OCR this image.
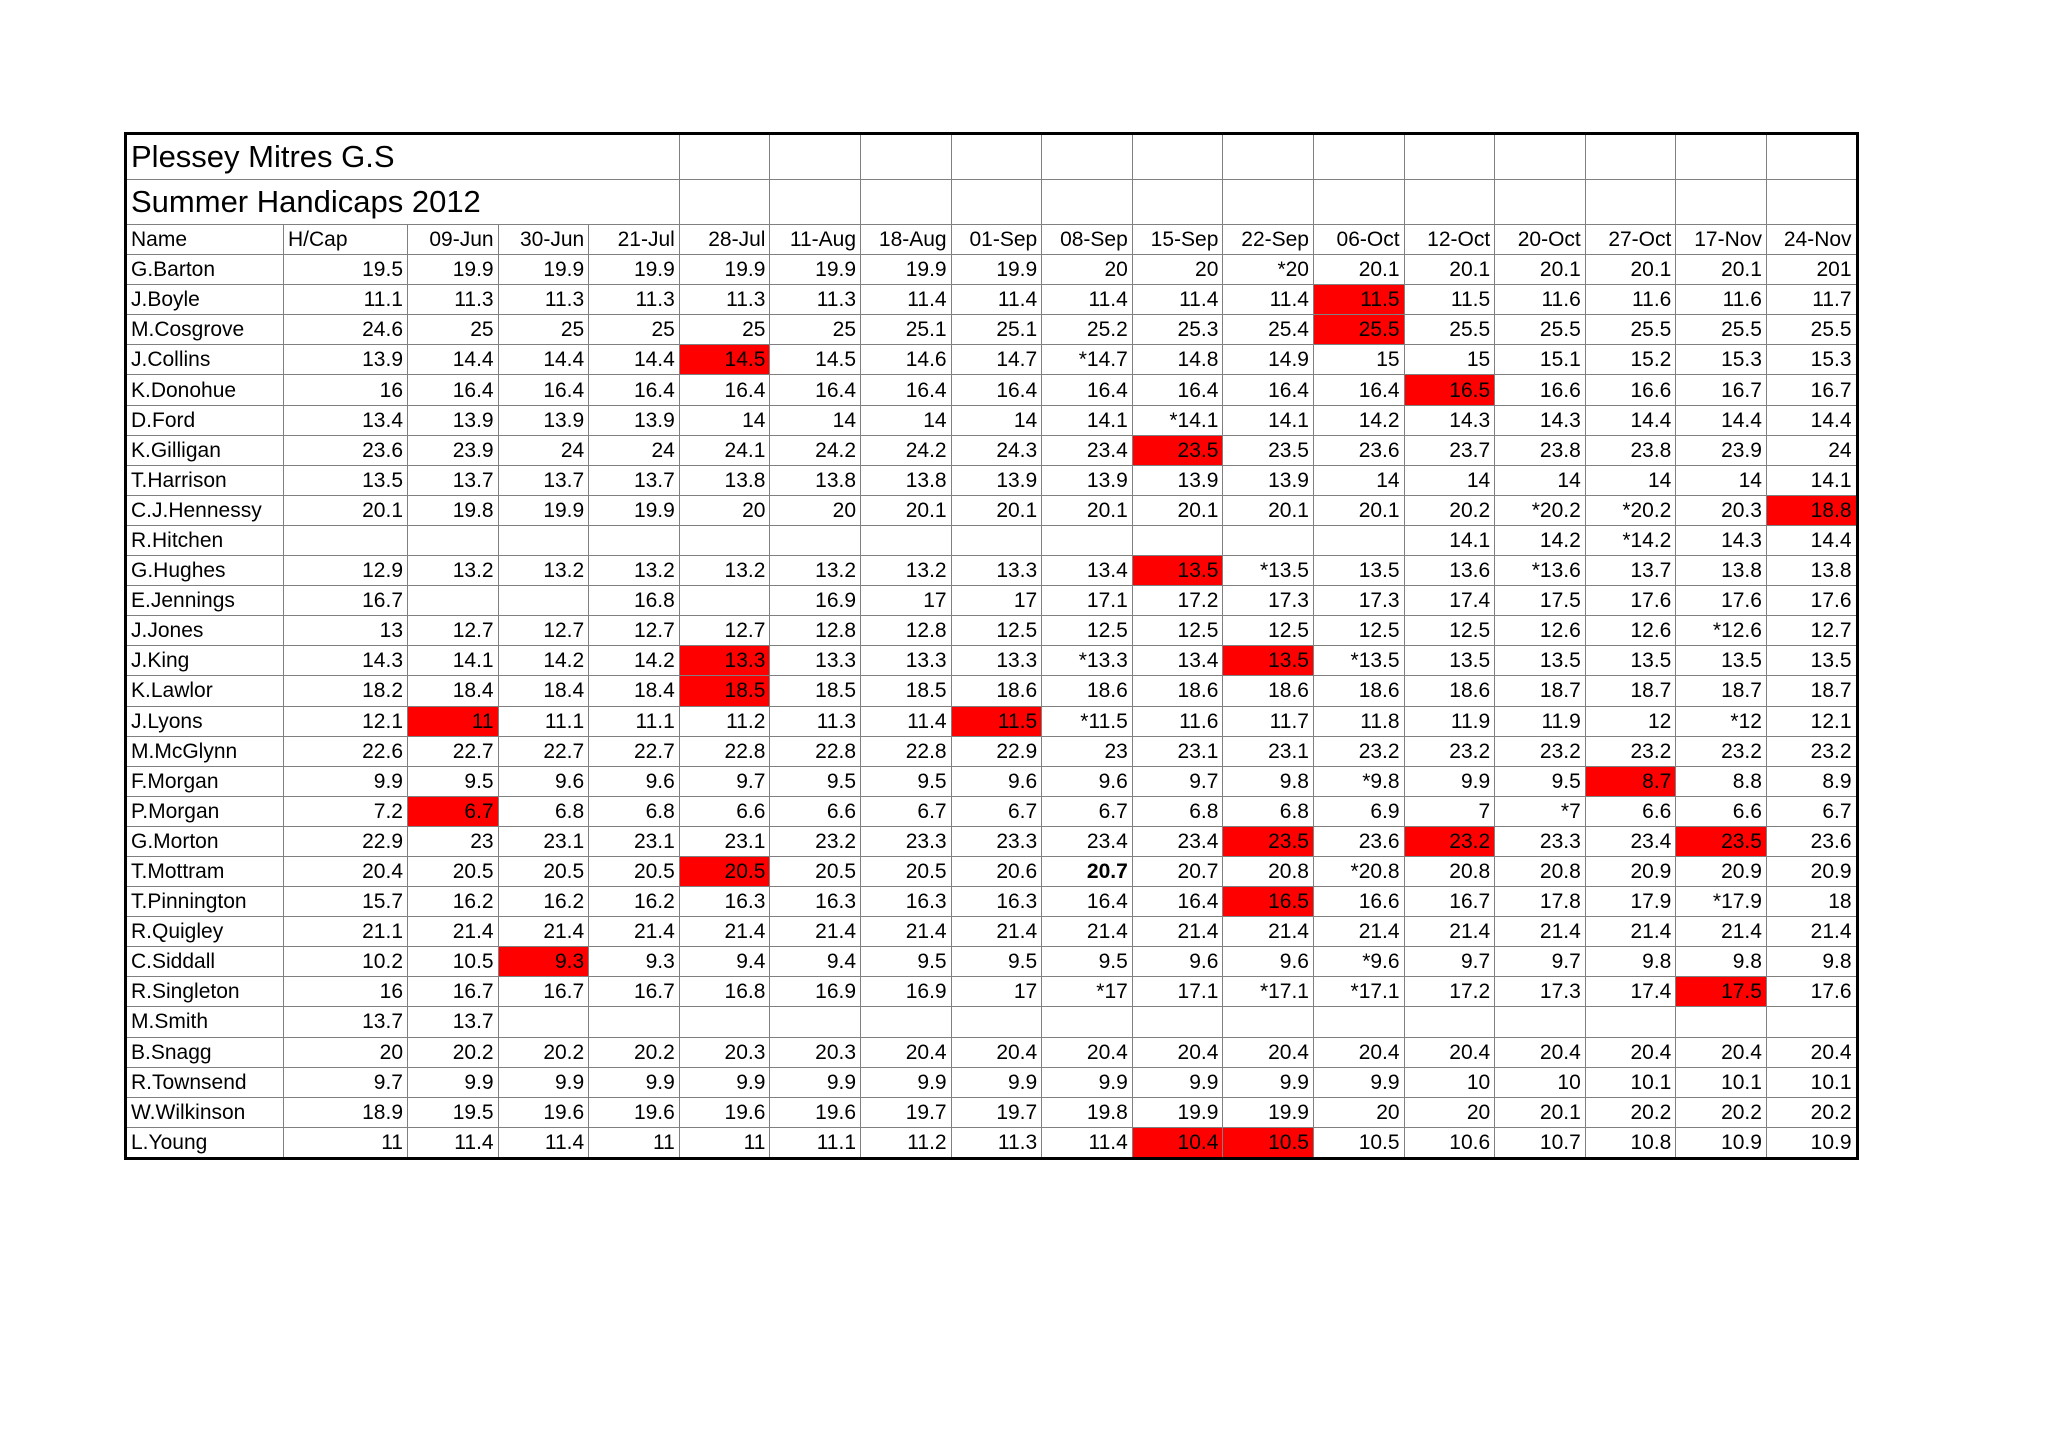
Plessey Mitres G.S																	
Summer Handicaps 2012																	
Name	H/Cap	09-Jun	30-Jun	21-Jul	28-Jul	11-Aug	18-Aug	01-Sep	08-Sep	15-Sep	22-Sep	06-Oct	12-Oct	20-Oct	27-Oct	17-Nov	24-Nov
G.Barton	19.5	19.9	19.9	19.9	19.9	19.9	19.9	19.9	20	20	*20	20.1	20.1	20.1	20.1	20.1	201
J.Boyle	11.1	11.3	11.3	11.3	11.3	11.3	11.4	11.4	11.4	11.4	11.4	11.5	11.5	11.6	11.6	11.6	11.7
M.Cosgrove	24.6	25	25	25	25	25	25.1	25.1	25.2	25.3	25.4	25.5	25.5	25.5	25.5	25.5	25.5
J.Collins	13.9	14.4	14.4	14.4	14.5	14.5	14.6	14.7	*14.7	14.8	14.9	15	15	15.1	15.2	15.3	15.3
K.Donohue	16	16.4	16.4	16.4	16.4	16.4	16.4	16.4	16.4	16.4	16.4	16.4	16.5	16.6	16.6	16.7	16.7
D.Ford	13.4	13.9	13.9	13.9	14	14	14	14	14.1	*14.1	14.1	14.2	14.3	14.3	14.4	14.4	14.4
K.Gilligan	23.6	23.9	24	24	24.1	24.2	24.2	24.3	23.4	23.5	23.5	23.6	23.7	23.8	23.8	23.9	24
T.Harrison	13.5	13.7	13.7	13.7	13.8	13.8	13.8	13.9	13.9	13.9	13.9	14	14	14	14	14	14.1
C.J.Hennessy	20.1	19.8	19.9	19.9	20	20	20.1	20.1	20.1	20.1	20.1	20.1	20.2	*20.2	*20.2	20.3	18.8
R.Hitchen													14.1	14.2	*14.2	14.3	14.4
G.Hughes	12.9	13.2	13.2	13.2	13.2	13.2	13.2	13.3	13.4	13.5	*13.5	13.5	13.6	*13.6	13.7	13.8	13.8
E.Jennings	16.7			16.8		16.9	17	17	17.1	17.2	17.3	17.3	17.4	17.5	17.6	17.6	17.6
J.Jones	13	12.7	12.7	12.7	12.7	12.8	12.8	12.5	12.5	12.5	12.5	12.5	12.5	12.6	12.6	*12.6	12.7
J.King	14.3	14.1	14.2	14.2	13.3	13.3	13.3	13.3	*13.3	13.4	13.5	*13.5	13.5	13.5	13.5	13.5	13.5
K.Lawlor	18.2	18.4	18.4	18.4	18.5	18.5	18.5	18.6	18.6	18.6	18.6	18.6	18.6	18.7	18.7	18.7	18.7
J.Lyons	12.1	11	11.1	11.1	11.2	11.3	11.4	11.5	*11.5	11.6	11.7	11.8	11.9	11.9	12	*12	12.1
M.McGlynn	22.6	22.7	22.7	22.7	22.8	22.8	22.8	22.9	23	23.1	23.1	23.2	23.2	23.2	23.2	23.2	23.2
F.Morgan	9.9	9.5	9.6	9.6	9.7	9.5	9.5	9.6	9.6	9.7	9.8	*9.8	9.9	9.5	8.7	8.8	8.9
P.Morgan	7.2	6.7	6.8	6.8	6.6	6.6	6.7	6.7	6.7	6.8	6.8	6.9	7	*7	6.6	6.6	6.7
G.Morton	22.9	23	23.1	23.1	23.1	23.2	23.3	23.3	23.4	23.4	23.5	23.6	23.2	23.3	23.4	23.5	23.6
T.Mottram	20.4	20.5	20.5	20.5	20.5	20.5	20.5	20.6	20.7	20.7	20.8	*20.8	20.8	20.8	20.9	20.9	20.9
T.Pinnington	15.7	16.2	16.2	16.2	16.3	16.3	16.3	16.3	16.4	16.4	16.5	16.6	16.7	17.8	17.9	*17.9	18
R.Quigley	21.1	21.4	21.4	21.4	21.4	21.4	21.4	21.4	21.4	21.4	21.4	21.4	21.4	21.4	21.4	21.4	21.4
C.Siddall	10.2	10.5	9.3	9.3	9.4	9.4	9.5	9.5	9.5	9.6	9.6	*9.6	9.7	9.7	9.8	9.8	9.8
R.Singleton	16	16.7	16.7	16.7	16.8	16.9	16.9	17	*17	17.1	*17.1	*17.1	17.2	17.3	17.4	17.5	17.6
M.Smith	13.7	13.7															
B.Snagg	20	20.2	20.2	20.2	20.3	20.3	20.4	20.4	20.4	20.4	20.4	20.4	20.4	20.4	20.4	20.4	20.4
R.Townsend	9.7	9.9	9.9	9.9	9.9	9.9	9.9	9.9	9.9	9.9	9.9	9.9	10	10	10.1	10.1	10.1
W.Wilkinson	18.9	19.5	19.6	19.6	19.6	19.6	19.7	19.7	19.8	19.9	19.9	20	20	20.1	20.2	20.2	20.2
L.Young	11	11.4	11.4	11	11	11.1	11.2	11.3	11.4	10.4	10.5	10.5	10.6	10.7	10.8	10.9	10.9
